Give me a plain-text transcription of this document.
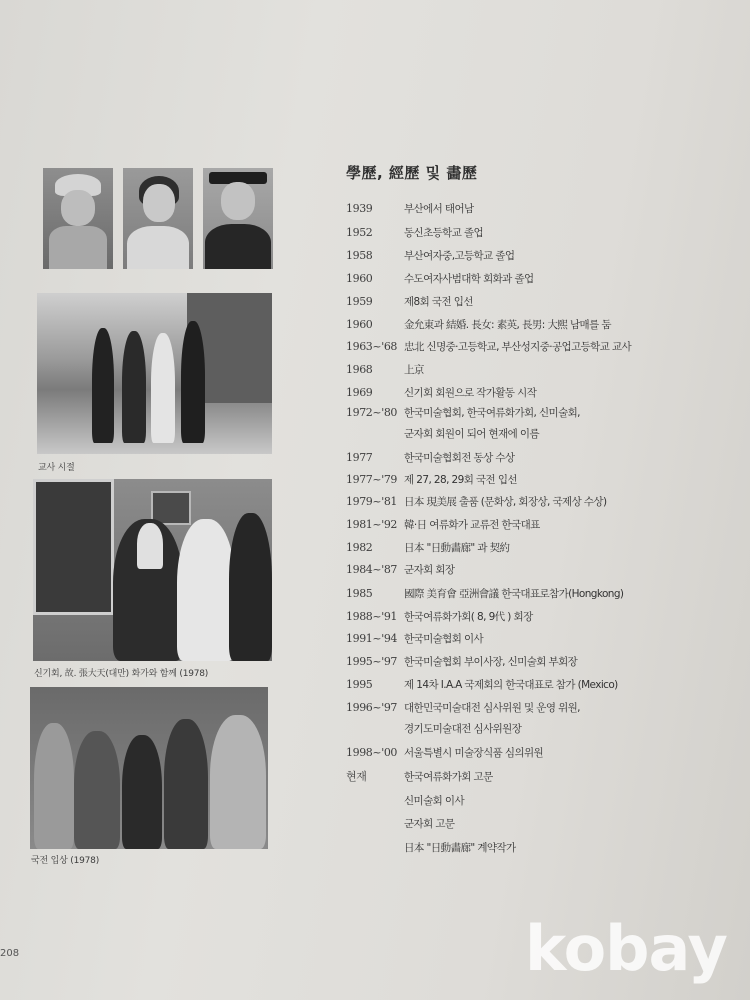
교사 시절
신기회, 故. 張大天(대만) 화가와 함께 (1978)
국전 입상 (1978)
學歷, 經歷 및 畵歷
1939	부산에서 태어남
1952	동신초등학교 졸업
1958	부산여자중,고등학교 졸업
1960	수도여자사범대학 회화과 졸업
1959	제8회 국전 입선
1960	金允東과 結婚. 長女: 素英, 長男: 大熙 남매를 둠
1963~'68 忠北 신명중·고등학교, 부산성지중·공업고등학교 교사
1968	上京
1969	신기회 회원으로 작가활동 시작
1972~'80 한국미술협회, 한국여류화가회, 신미술회,
군자회 회원이 되어 현재에 이름
1977	한국미술협회전 동상 수상
1977~'79 제 27, 28, 29회 국전 입선
1979~'81 日本 現美展 출품 (문화상, 회장상, 국제상 수상)
1981~'92 韓·日 여류화가 교류전 한국대표
1982	日本 "日動畵廊" 과 契約
1984~'87 군자회 회장
1985	國際 美育會 亞洲會議 한국대표로참가(Hongkong)
1988~'91 한국여류화가회( 8, 9代 ) 회장
1991~'94 한국미술협회 이사
1995~'97 한국미술협회 부이사장, 신미술회 부회장
1995	제 14차 I.A.A 국제회의 한국대표로 참가 (Mexico)
1996~'97 대한민국미술대전 심사위원 및 운영 위원,
경기도미술대전 심사위원장
1998~'00 서울특별시 미술장식품 심의위원
현재	한국여류화가회 고문
신미술회 이사
군자회 고문
日本 "日動畵廊" 계약작가
208	kobay
